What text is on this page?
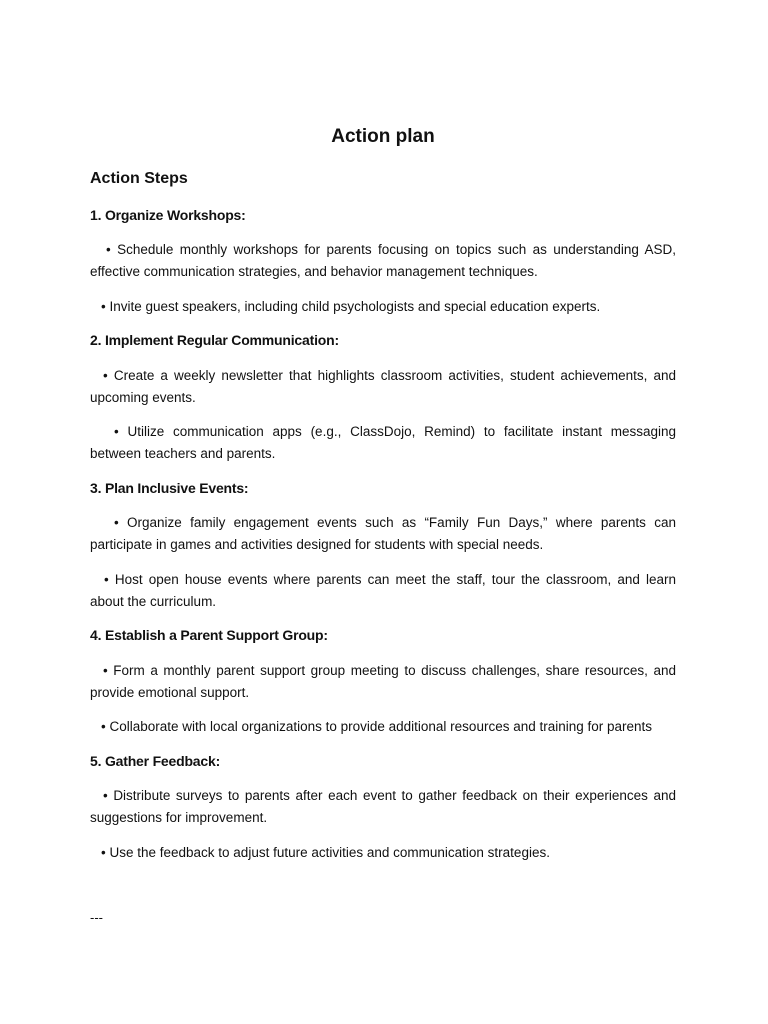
Action plan
Action Steps
1. Organize Workshops:

• Schedule monthly workshops for parents focusing on topics such as understanding ASD, effective communication strategies, and behavior management techniques.

• Invite guest speakers, including child psychologists and special education experts.

2. Implement Regular Communication:

• Create a weekly newsletter that highlights classroom activities, student achievements, and upcoming events.

• Utilize communication apps (e.g., ClassDojo, Remind) to facilitate instant messaging between teachers and parents.

3. Plan Inclusive Events:

• Organize family engagement events such as “Family Fun Days,” where parents can participate in games and activities designed for students with special needs.

• Host open house events where parents can meet the staff, tour the classroom, and learn about the curriculum.

4. Establish a Parent Support Group:

• Form a monthly parent support group meeting to discuss challenges, share resources, and provide emotional support.

• Collaborate with local organizations to provide additional resources and training for parents

5. Gather Feedback:

• Distribute surveys to parents after each event to gather feedback on their experiences and suggestions for improvement.

• Use the feedback to adjust future activities and communication strategies.

---
